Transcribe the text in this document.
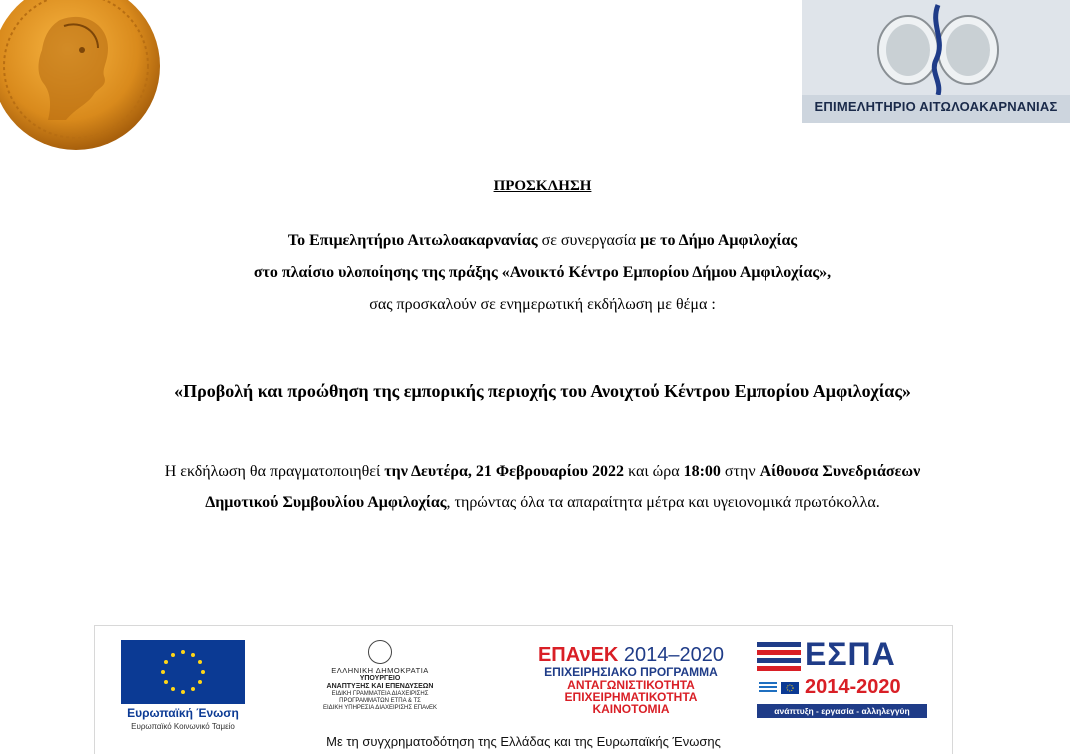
ΕΠΙΜΕΛΗΤΗΡΙΟ ΑΙΤΩΛΟΑΚΑΡΝΑΝΙΑΣ
ΠΡΟΣΚΛΗΣΗ
Το Επιμελητήριο Αιτωλοακαρνανίας σε συνεργασία με το Δήμο Αμφιλοχίας
στο πλαίσιο υλοποίησης της πράξης «Ανοικτό Κέντρο Εμπορίου Δήμου Αμφιλοχίας»,
σας προσκαλούν σε ενημερωτική εκδήλωση με θέμα :
«Προβολή και προώθηση της εμπορικής περιοχής του Ανοιχτού Κέντρου Εμπορίου Αμφιλοχίας»
Η εκδήλωση θα πραγματοποιηθεί την Δευτέρα, 21 Φεβρουαρίου 2022 και ώρα 18:00 στην Αίθουσα Συνεδριάσεων
Δημοτικού Συμβουλίου Αμφιλοχίας, τηρώντας όλα τα απαραίτητα μέτρα και υγειονομικά πρωτόκολλα.
Ευρωπαϊκή Ένωση
Ευρωπαϊκό Κοινωνικό Ταμείο
ΕΛΛΗΝΙΚΗ ΔΗΜΟΚΡΑΤΙΑ
ΥΠΟΥΡΓΕΙΟ
ΑΝΑΠΤΥΞΗΣ ΚΑΙ ΕΠΕΝΔΥΣΕΩΝ
ΕΙΔΙΚΗ ΓΡΑΜΜΑΤΕΙΑ ΔΙΑΧΕΙΡΙΣΗΣ
ΠΡΟΓΡΑΜΜΑΤΩΝ ΕΤΠΑ & ΤΣ
ΕΙΔΙΚΗ ΥΠΗΡΕΣΙΑ ΔΙΑΧΕΙΡΙΣΗΣ ΕΠΑνΕΚ
ΕΠΑνΕΚ 2014–2020
ΕΠΙΧΕΙΡΗΣΙΑΚΟ ΠΡΟΓΡΑΜΜΑ
ΑΝΤΑΓΩΝΙΣΤΙΚΟΤΗΤΑ
ΕΠΙΧΕΙΡΗΜΑΤΙΚΟΤΗΤΑ
ΚΑΙΝΟΤΟΜΙΑ
ΕΣΠΑ
2014-2020
ανάπτυξη - εργασία - αλληλεγγύη
Με τη συγχρηματοδότηση της Ελλάδας και της Ευρωπαϊκής Ένωσης
